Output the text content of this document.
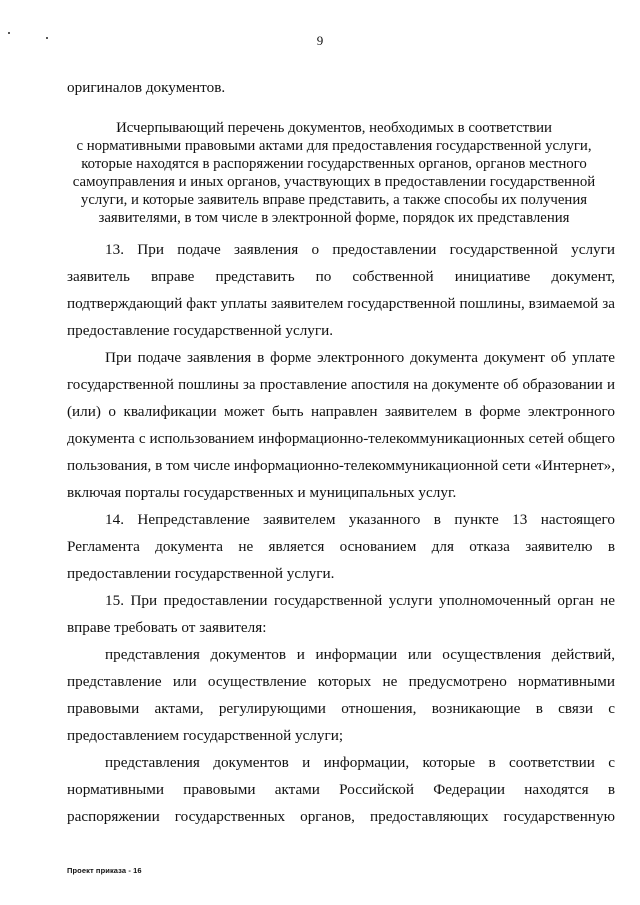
9
оригиналов документов.
Исчерпывающий перечень документов, необходимых в соответствии
с нормативными правовыми актами для предоставления государственной услуги,
которые находятся в распоряжении государственных органов, органов местного
самоуправления и иных органов, участвующих в предоставлении государственной
услуги, и которые заявитель вправе представить, а также способы их получения
заявителями, в том числе в электронной форме, порядок их представления
13. При подаче заявления о предоставлении государственной услуги
заявитель вправе представить по собственной инициативе документ,
подтверждающий факт уплаты заявителем государственной пошлины, взимаемой за
предоставление государственной услуги.
При подаче заявления в форме электронного документа документ об уплате
государственной пошлины за проставление апостиля на документе об образовании и
(или) о квалификации может быть направлен заявителем в форме электронного
документа с использованием информационно-телекоммуникационных сетей общего
пользования, в том числе информационно-телекоммуникационной сети «Интернет»,
включая порталы государственных и муниципальных услуг.
14. Непредставление заявителем указанного в пункте 13 настоящего
Регламента документа не является основанием для отказа заявителю в
предоставлении государственной услуги.
15. При предоставлении государственной услуги уполномоченный орган не
вправе требовать от заявителя:
представления документов и информации или осуществления действий,
представление или осуществление которых не предусмотрено нормативными
правовыми актами, регулирующими отношения, возникающие в связи с
предоставлением государственной услуги;
представления документов и информации, которые в соответствии с
нормативными правовыми актами Российской Федерации находятся в
распоряжении государственных органов, предоставляющих государственную
Проект приказа - 16
